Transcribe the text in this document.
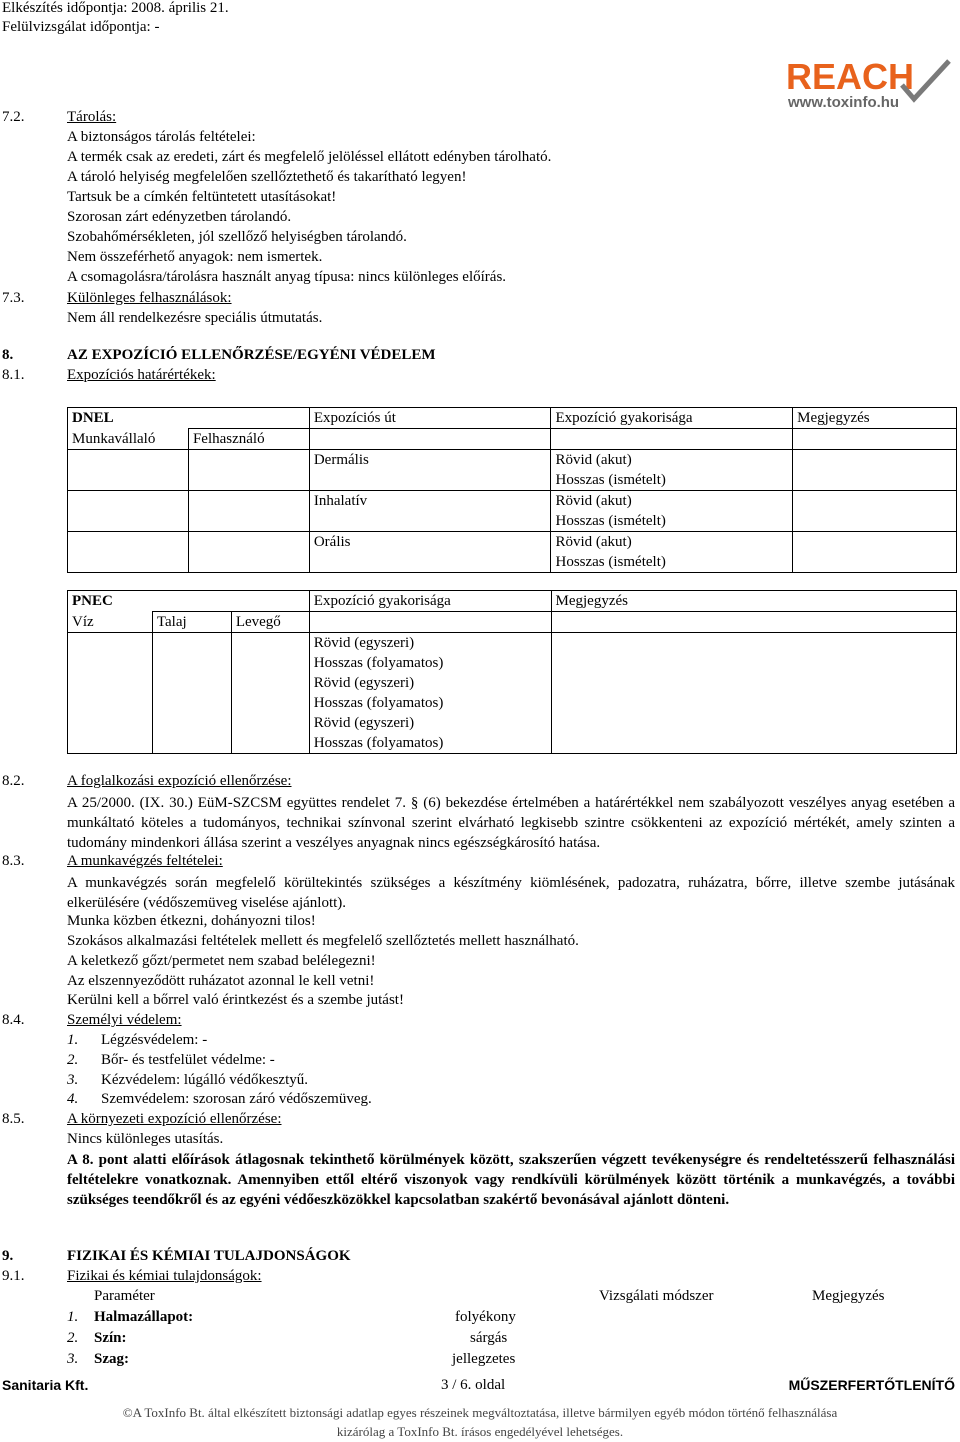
Elkészítés időpontja: 2008. április 21.
Felülvizsgálat időpontja: -
REACH
www.toxinfo.hu
7.2.	Tárolás:
A biztonságos tárolás feltételei:
A termék csak az eredeti, zárt és megfelelő jelöléssel ellátott edényben tárolható.
A tároló helyiség megfelelően szellőztethető és takarítható legyen!
Tartsuk be a címkén feltüntetett utasításokat!
Szorosan zárt edényzetben tárolandó.
Szobahőmérsékleten, jól szellőző helyiségben tárolandó.
Nem összeférhető anyagok: nem ismertek.
A csomagolásra/tárolásra használt anyag típusa: nincs különleges előírás.
7.3.	Különleges felhasználások:
Nem áll rendelkezésre speciális útmutatás.
8.	AZ EXPOZÍCIÓ ELLENŐRZÉSE/EGYÉNI VÉDELEM
8.1.	Expozíciós határértékek:
DNEL		Expozíciós út	Expozíció gyakorisága	Megjegyzés
Munkavállaló	Felhasználó			
		Dermális	Rövid (akut)	
			Hosszas (ismételt)	
		Inhalatív	Rövid (akut)	
			Hosszas (ismételt)	
		Orális	Rövid (akut)	
			Hosszas (ismételt)	
PNEC			Expozíció gyakorisága	Megjegyzés
Víz	Talaj	Levegő		
			Rövid (egyszeri)	
			Hosszas (folyamatos)	
			Rövid (egyszeri)	
			Hosszas (folyamatos)	
			Rövid (egyszeri)	
			Hosszas (folyamatos)	
8.2.	A foglalkozási expozíció ellenőrzése:
A 25/2000. (IX. 30.) EüM-SZCSM együttes rendelet 7. § (6) bekezdése értelmében a határértékkel nem szabályozott veszélyes anyag esetében a munkáltató köteles a tudományos, technikai színvonal szerint elvárható legkisebb szintre csökkenteni az expozíció mértékét, amely szinten a tudomány mindenkori állása szerint a veszélyes anyagnak nincs egészségkárosító hatása.
8.3.	A munkavégzés feltételei:
A munkavégzés során megfelelő körültekintés szükséges a készítmény kiömlésének, padozatra, ruházatra, bőrre, illetve szembe jutásának elkerülésére (védőszemüveg viselése ajánlott).
Munka közben étkezni, dohányozni tilos!
Szokásos alkalmazási feltételek mellett és megfelelő szellőztetés mellett használható.
A keletkező gőzt/permetet nem szabad belélegezni!
Az elszennyeződött ruházatot azonnal le kell vetni!
Kerülni kell a bőrrel való érintkezést és a szembe jutást!
8.4.	Személyi védelem:
1. Légzésvédelem: -
2. Bőr- és testfelület védelme: -
3. Kézvédelem: lúgálló védőkesztyű.
4. Szemvédelem: szorosan záró védőszemüveg.
8.5.	A környezeti expozíció ellenőrzése:
Nincs különleges utasítás.
A 8. pont alatti előírások átlagosnak tekinthető körülmények között, szakszerűen végzett tevékenységre és rendeltetésszerű felhasználási feltételekre vonatkoznak. Amennyiben ettől eltérő viszonyok vagy rendkívüli körülmények között történik a munkavégzés, a további szükséges teendőkről és az egyéni védőeszközökkel kapcsolatban szakértő bevonásával ajánlott dönteni.
9.	FIZIKAI ÉS KÉMIAI TULAJDONSÁGOK
9.1.	Fizikai és kémiai tulajdonságok:
Paraméter	Vizsgálati módszer	Megjegyzés
1. Halmazállapot:	folyékony
2. Szín:	sárgás
3. Szag:	jellegzetes
Sanitaria Kft.	3 / 6. oldal	MŰSZERFERTŐTLENÍTŐ
©A ToxInfo Bt. által elkészített biztonsági adatlap egyes részeinek megváltoztatása, illetve bármilyen egyéb módon történő felhasználása
kizárólag a ToxInfo Bt. írásos engedélyével lehetséges.
